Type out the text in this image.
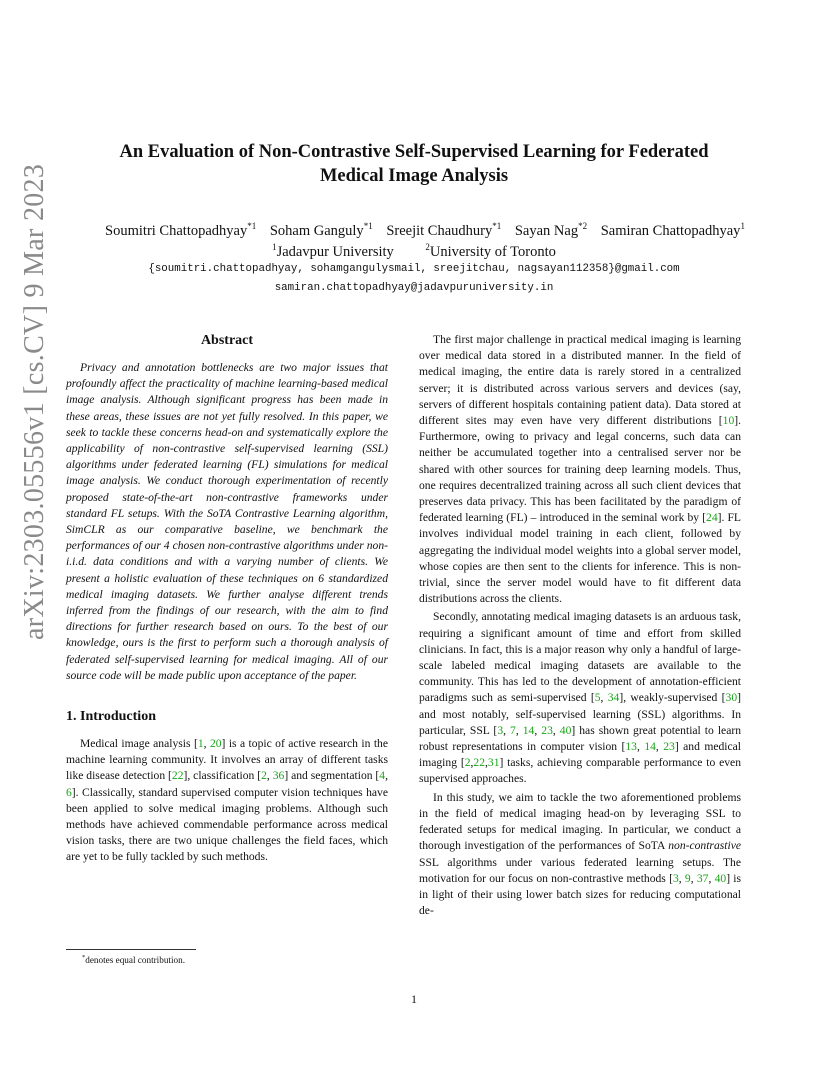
arXiv:2303.05556v1 [cs.CV] 9 Mar 2023
An Evaluation of Non-Contrastive Self-Supervised Learning for Federated
Medical Image Analysis
Soumitri Chattopadhyay$^{*1}$ Soham Ganguly$^{*1}$ Sreejit Chaudhury$^{*1}$ Sayan Nag$^{*2}$ Samiran Chattopadhyay$^1$
$^1$Jadavpur University	$^2$University of Toronto
{soumitri.chattopadhyay, sohamgangulysmail, sreejitchau, nagsayan112358}@gmail.com
samiran.chattopadhyay@jadavpuruniversity.in
Abstract

Privacy and annotation bottlenecks are two major issues that profoundly affect the practicality of machine learning-based medical image analysis. Although significant progress has been made in these areas, these issues are not yet fully resolved. In this paper, we seek to tackle these concerns head-on and systematically explore the applicability of non-contrastive self-supervised learning (SSL) algorithms under federated learning (FL) simulations for medical image analysis. We conduct thorough experimentation of recently proposed state-of-the-art non-contrastive frameworks under standard FL setups. With the SoTA Contrastive Learning algorithm, SimCLR as our comparative baseline, we benchmark the performances of our 4 chosen non-contrastive algorithms under non-i.i.d. data conditions and with a varying number of clients. We present a holistic evaluation of these techniques on 6 standardized medical imaging datasets. We further analyse different trends inferred from the findings of our research, with the aim to find directions for further research based on ours. To the best of our knowledge, ours is the first to perform such a thorough analysis of federated self-supervised learning for medical imaging. All of our source code will be made public upon acceptance of the paper.

1. Introduction

Medical image analysis [1, 20] is a topic of active research in the machine learning community. It involves an array of different tasks like disease detection [22], classification [2, 36] and segmentation [4, 6]. Classically, standard supervised computer vision techniques have been applied to solve medical imaging problems. Although such methods have achieved commendable performance across medical vision tasks, there are two unique challenges the field faces, which are yet to be fully tackled by such methods.

The first major challenge in practical medical imaging is learning over medical data stored in a distributed manner. In the field of medical imaging, the entire data is rarely stored in a centralized server; it is distributed across various servers and devices (say, servers of different hospitals containing patient data). Data stored at different sites may even have very different distributions [10]. Furthermore, owing to privacy and legal concerns, such data can neither be accumulated together into a centralised server nor be shared with other sources for training deep learning models. Thus, one requires decentralized training across all such client devices that preserves data privacy. This has been facilitated by the paradigm of federated learning (FL) – introduced in the seminal work by [24]. FL involves individual model training in each client, followed by aggregating the individual model weights into a global server model, whose copies are then sent to the clients for inference. This is non-trivial, since the server model would have to fit different data distributions across the clients.

Secondly, annotating medical imaging datasets is an arduous task, requiring a significant amount of time and effort from skilled clinicians. In fact, this is a major reason why only a handful of large-scale labeled medical imaging datasets are available to the community. This has led to the development of annotation-efficient paradigms such as semi-supervised [5, 34], weakly-supervised [30] and most notably, self-supervised learning (SSL) algorithms. In particular, SSL [3, 7, 14, 23, 40] has shown great potential to learn robust representations in computer vision [13, 14, 23] and medical imaging [2,22,31] tasks, achieving comparable performance to even supervised approaches.

In this study, we aim to tackle the two aforementioned problems in the field of medical imaging head-on by leveraging SSL to federated setups for medical imaging. In particular, we conduct a thorough investigation of the performances of SoTA non-contrastive SSL algorithms under various federated learning setups. The motivation for our focus on non-contrastive methods [3, 9, 37, 40] is in light of their using lower batch sizes for reducing computational de-

*denotes equal contribution.
1
